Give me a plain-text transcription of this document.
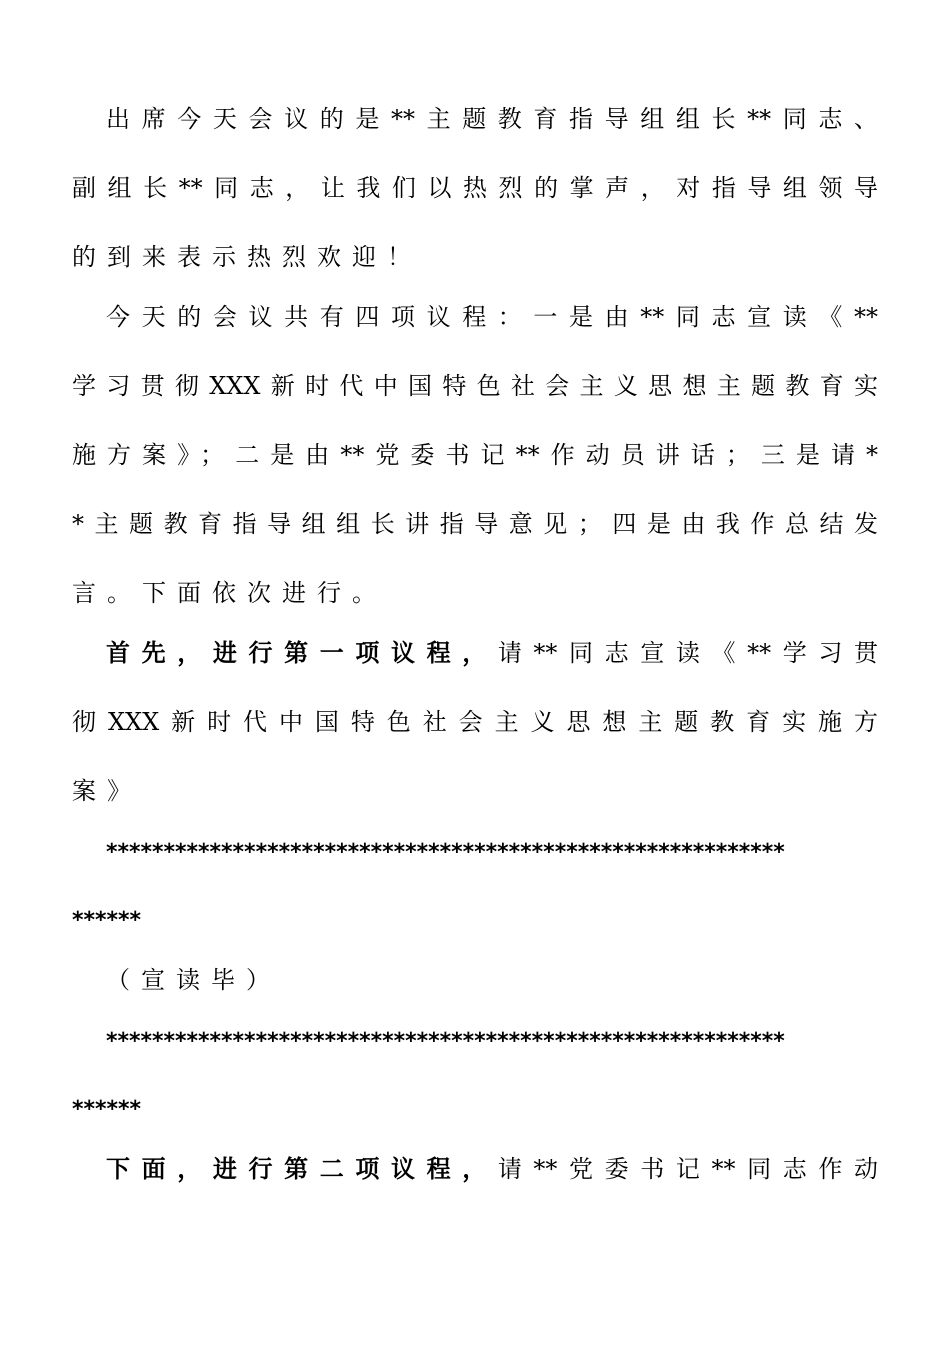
出席今天会议的是**主题教育指导组组长**同志、
副组长**同志，让我们以热烈的掌声，对指导组领导
的到来表示热烈欢迎！
今天的会议共有四项议程：一是由**同志宣读《**
学习贯彻XXX新时代中国特色社会主义思想主题教育实
施方案》；二是由**党委书记**作动员讲话；三是请*
*主题教育指导组组长讲指导意见；四是由我作总结发
言。下面依次进行。
首先，进行第一项议程，请**同志宣读《**学习贯
彻XXX新时代中国特色社会主义思想主题教育实施方
案》
***********************************************************
******
（宣读毕）
***********************************************************
******
下面，进行第二项议程，请**党委书记**同志作动
